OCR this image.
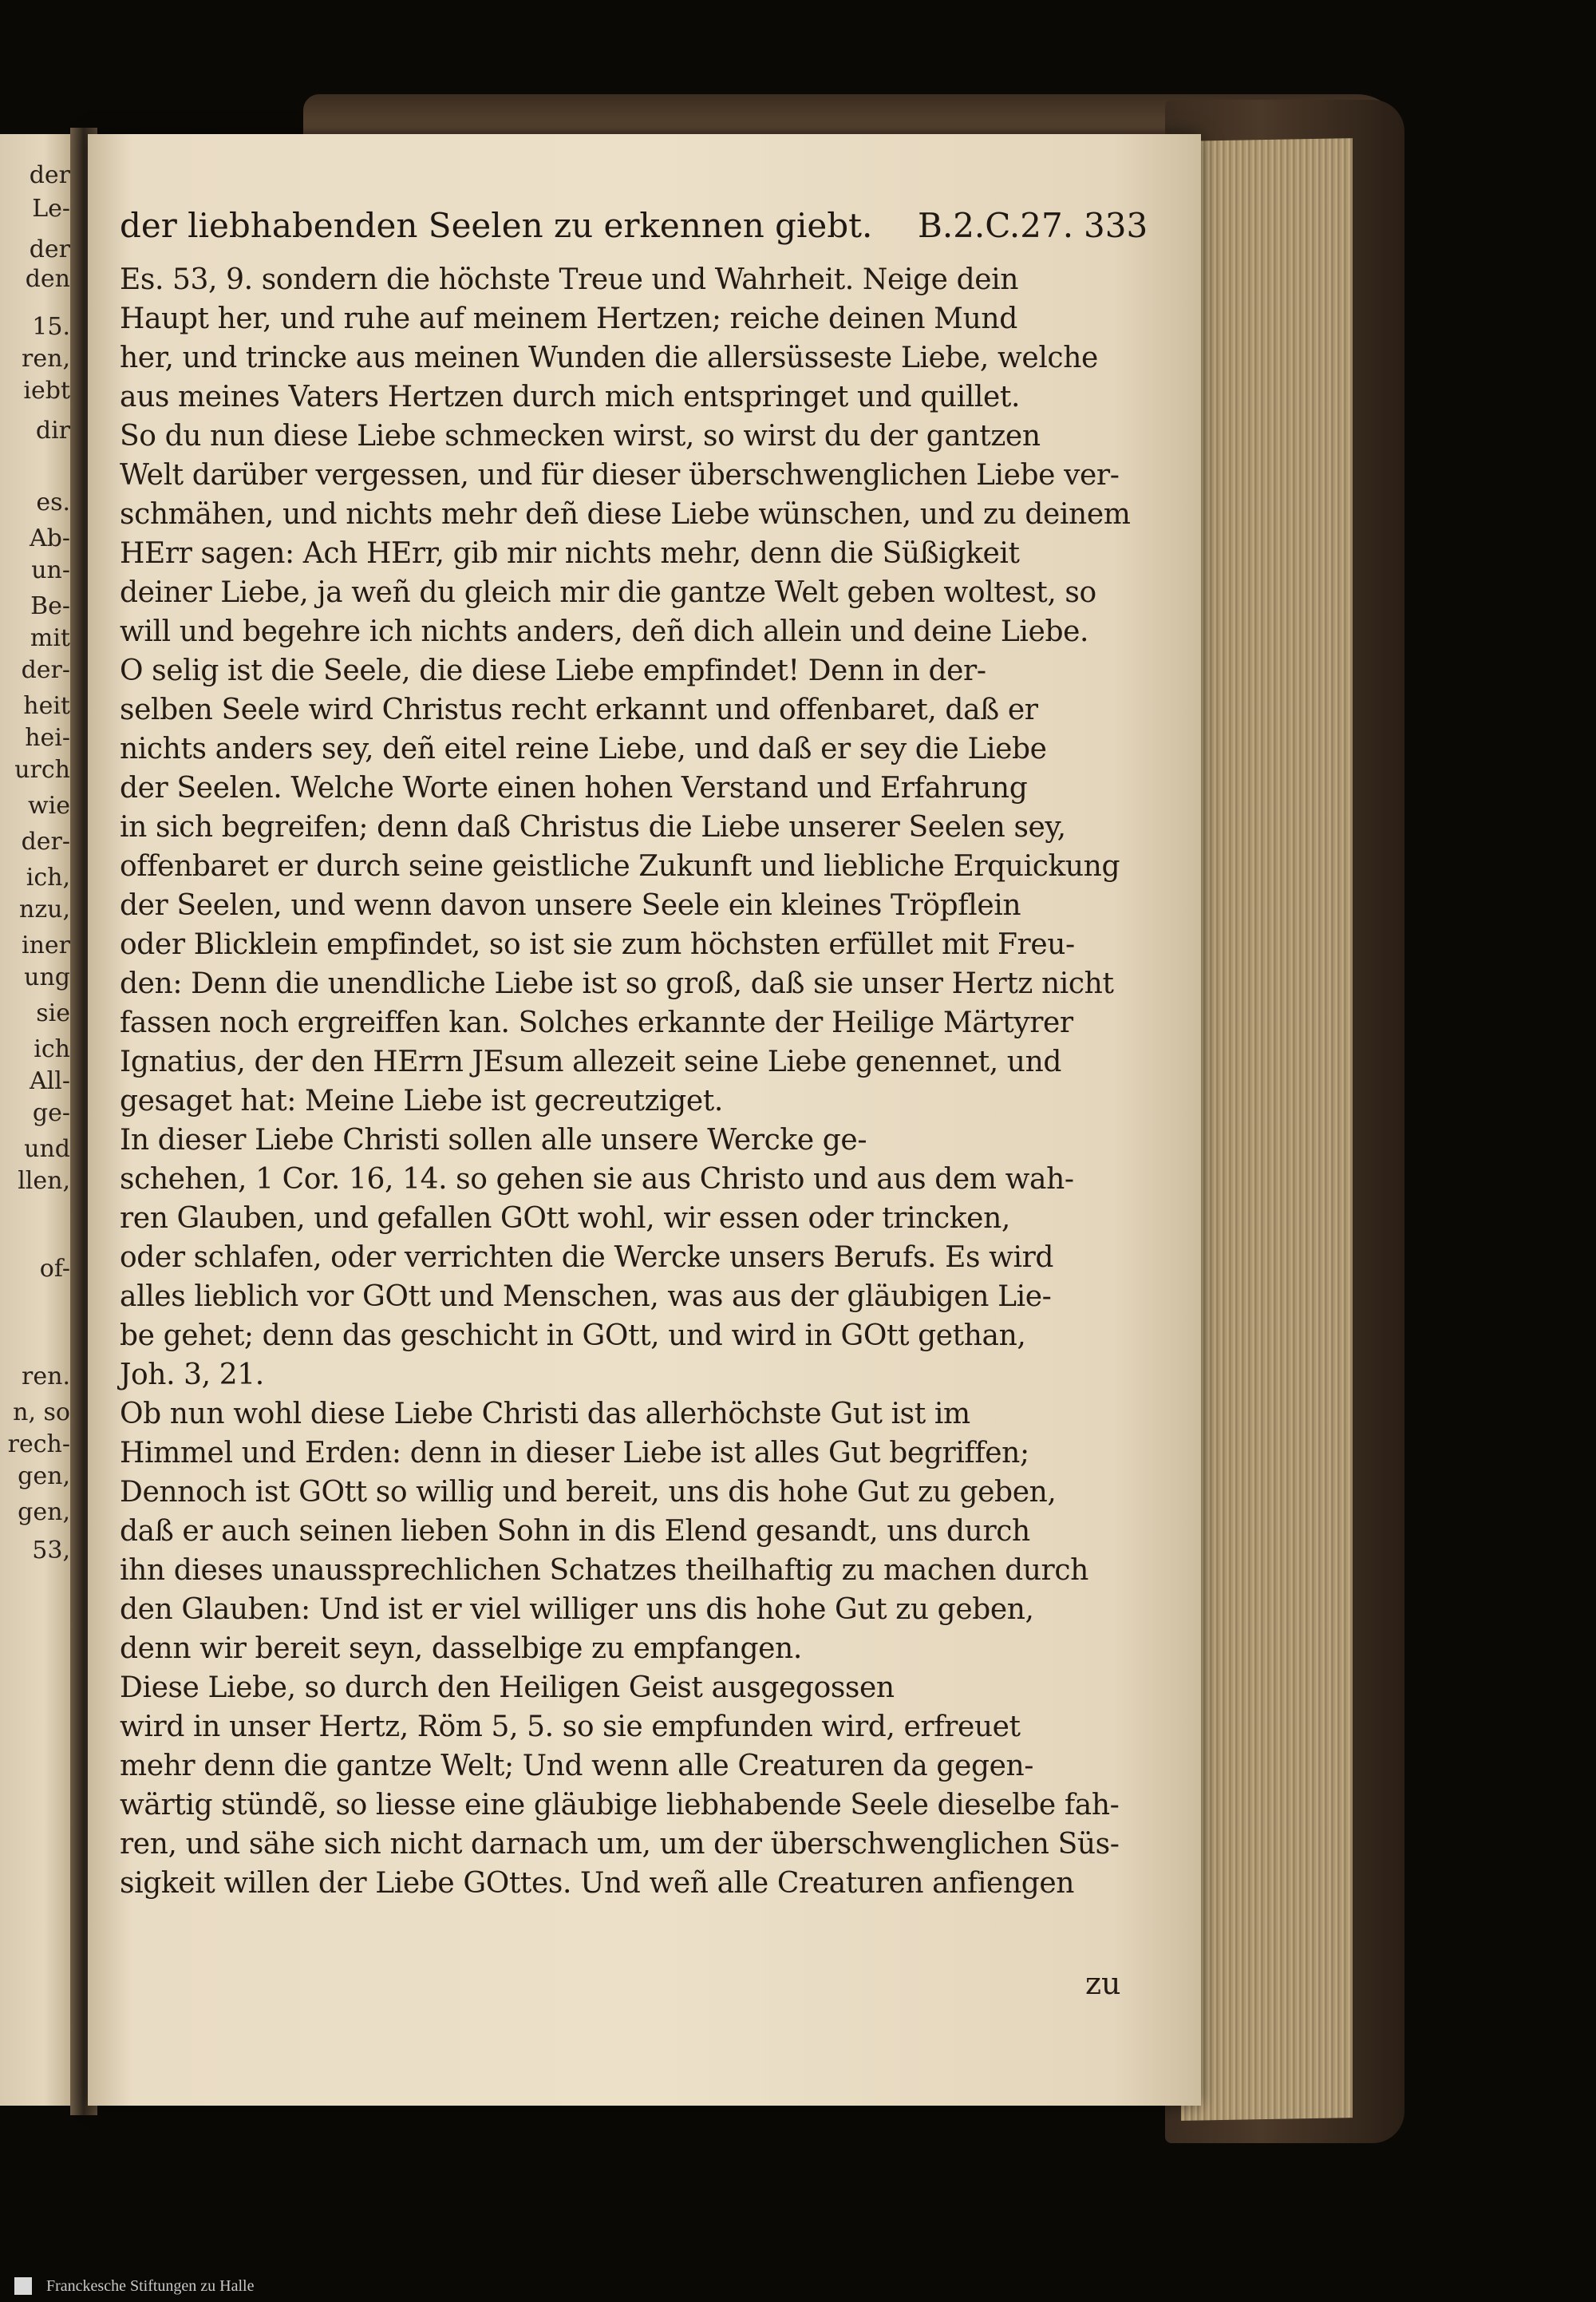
der
Le-
der
den
15.
ren,
iebt
dir
es.
Ab-
un-
Be-
mit
der-
heit
hei-
urch
wie
der-
ich,
nzu,
iner
ung
sie
ich
All-
ge-
und
llen,
of-
ren.
n, so
rech-
gen,
gen,
53,
der liebhabenden Seelen zu erkennen giebt. B.2.C.27. 333
Es. 53, 9. sondern die höchste Treue und Wahrheit. Neige dein
Haupt her, und ruhe auf meinem Hertzen; reiche deinen Mund
her, und trincke aus meinen Wunden die allersüsseste Liebe, welche
aus meines Vaters Hertzen durch mich entspringet und quillet.
So du nun diese Liebe schmecken wirst, so wirst du der gantzen
Welt darüber vergessen, und für dieser überschwenglichen Liebe ver-
schmähen, und nichts mehr deñ diese Liebe wünschen, und zu deinem
HErr sagen: Ach HErr, gib mir nichts mehr, denn die Süßigkeit
deiner Liebe, ja weñ du gleich mir die gantze Welt geben woltest, so
will und begehre ich nichts anders, deñ dich allein und deine Liebe.
O selig ist die Seele, die diese Liebe empfindet! Denn in der-
selben Seele wird Christus recht erkannt und offenbaret, daß er
nichts anders sey, deñ eitel reine Liebe, und daß er sey die Liebe
der Seelen. Welche Worte einen hohen Verstand und Erfahrung
in sich begreifen; denn daß Christus die Liebe unserer Seelen sey,
offenbaret er durch seine geistliche Zukunft und liebliche Erquickung
der Seelen, und wenn davon unsere Seele ein kleines Tröpflein
oder Blicklein empfindet, so ist sie zum höchsten erfüllet mit Freu-
den: Denn die unendliche Liebe ist so groß, daß sie unser Hertz nicht
fassen noch ergreiffen kan. Solches erkannte der Heilige Märtyrer
Ignatius, der den HErrn JEsum allezeit seine Liebe genennet, und
gesaget hat: Meine Liebe ist gecreutziget.
In dieser Liebe Christi sollen alle unsere Wercke ge-
schehen, 1 Cor. 16, 14. so gehen sie aus Christo und aus dem wah-
ren Glauben, und gefallen GOtt wohl, wir essen oder trincken,
oder schlafen, oder verrichten die Wercke unsers Berufs. Es wird
alles lieblich vor GOtt und Menschen, was aus der gläubigen Lie-
be gehet; denn das geschicht in GOtt, und wird in GOtt gethan,
Joh. 3, 21.
Ob nun wohl diese Liebe Christi das allerhöchste Gut ist im
Himmel und Erden: denn in dieser Liebe ist alles Gut begriffen;
Dennoch ist GOtt so willig und bereit, uns dis hohe Gut zu geben,
daß er auch seinen lieben Sohn in dis Elend gesandt, uns durch
ihn dieses unaussprechlichen Schatzes theilhaftig zu machen durch
den Glauben: Und ist er viel williger uns dis hohe Gut zu geben,
denn wir bereit seyn, dasselbige zu empfangen.
Diese Liebe, so durch den Heiligen Geist ausgegossen
wird in unser Hertz, Röm 5, 5. so sie empfunden wird, erfreuet
mehr denn die gantze Welt; Und wenn alle Creaturen da gegen-
wärtig stündẽ, so liesse eine gläubige liebhabende Seele dieselbe fah-
ren, und sähe sich nicht darnach um, um der überschwenglichen Süs-
sigkeit willen der Liebe GOttes. Und weñ alle Creaturen anfiengen
zu
Franckesche Stiftungen zu Halle
